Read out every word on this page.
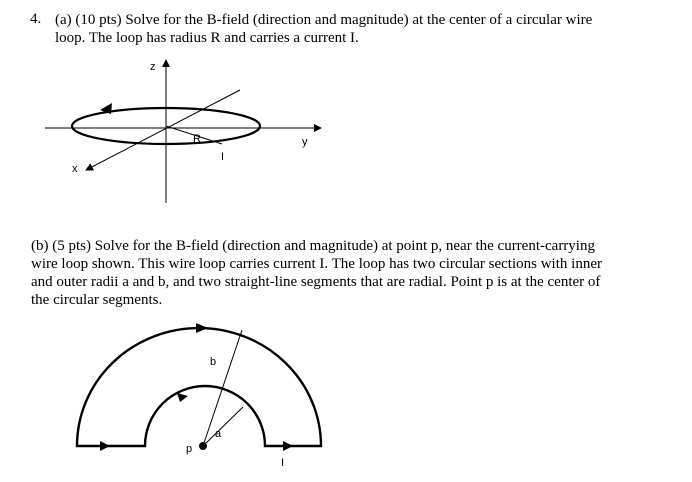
4. (a) (10 pts) Solve for the B-field (direction and magnitude) at the center of a circular wire
loop. The loop has radius R and carries a current I.

(b) (5 pts) Solve for the B-field (direction and magnitude) at point p, near the current-carrying
wire loop shown. This wire loop carries current I. The loop has two circular sections with inner
and outer radii a and b, and two straight-line segments that are radial. Point p is at the center of
the circular segments.

z
x
y
R
I
b
a
p
I
